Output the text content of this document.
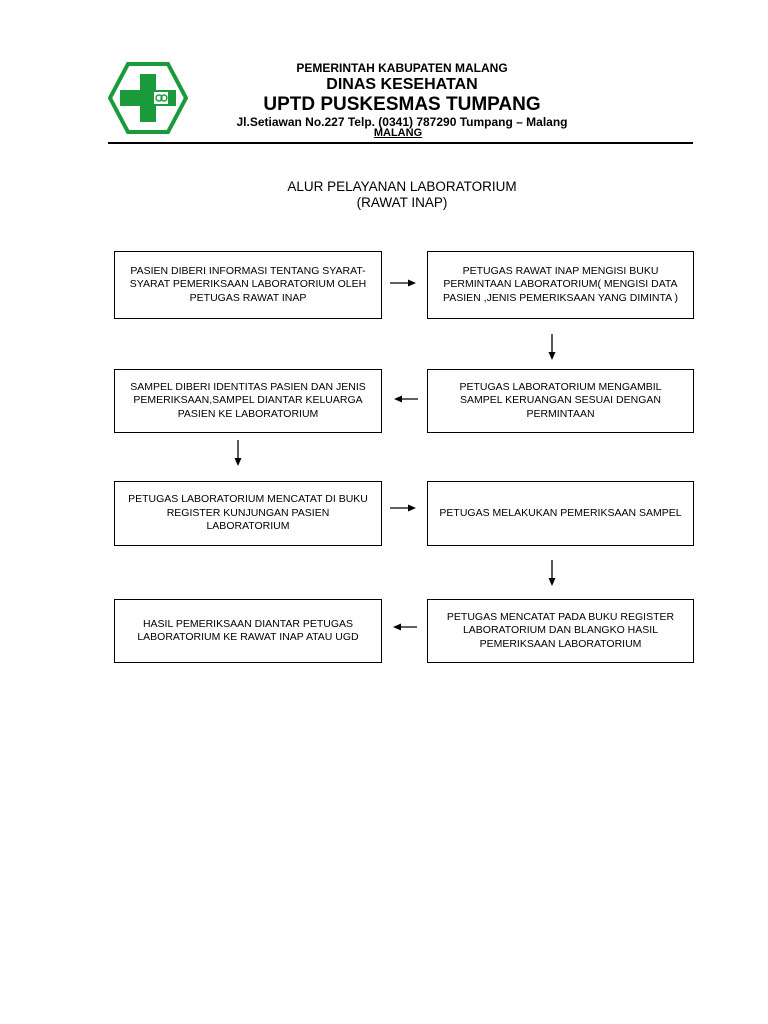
PEMERINTAH KABUPATEN MALANG
DINAS KESEHATAN
UPTD PUSKESMAS TUMPANG
Jl.Setiawan No.227 Telp. (0341) 787290 Tumpang – Malang
MALANG
ALUR PELAYANAN LABORATORIUM
(RAWAT INAP)
PASIEN DIBERI INFORMASI TENTANG SYARAT-SYARAT PEMERIKSAAN LABORATORIUM OLEH PETUGAS RAWAT INAP
PETUGAS RAWAT INAP MENGISI BUKU PERMINTAAN LABORATORIUM( MENGISI DATA PASIEN ,JENIS PEMERIKSAAN YANG DIMINTA )
PETUGAS LABORATORIUM MENGAMBIL SAMPEL KERUANGAN SESUAI DENGAN PERMINTAAN
SAMPEL DIBERI IDENTITAS PASIEN DAN JENIS PEMERIKSAAN,SAMPEL DIANTAR KELUARGA PASIEN KE LABORATORIUM
PETUGAS LABORATORIUM MENCATAT DI BUKU REGISTER KUNJUNGAN PASIEN LABORATORIUM
PETUGAS MELAKUKAN PEMERIKSAAN SAMPEL
PETUGAS MENCATAT PADA BUKU REGISTER LABORATORIUM DAN BLANGKO HASIL PEMERIKSAAN LABORATORIUM
HASIL PEMERIKSAAN DIANTAR PETUGAS LABORATORIUM KE RAWAT INAP ATAU UGD
